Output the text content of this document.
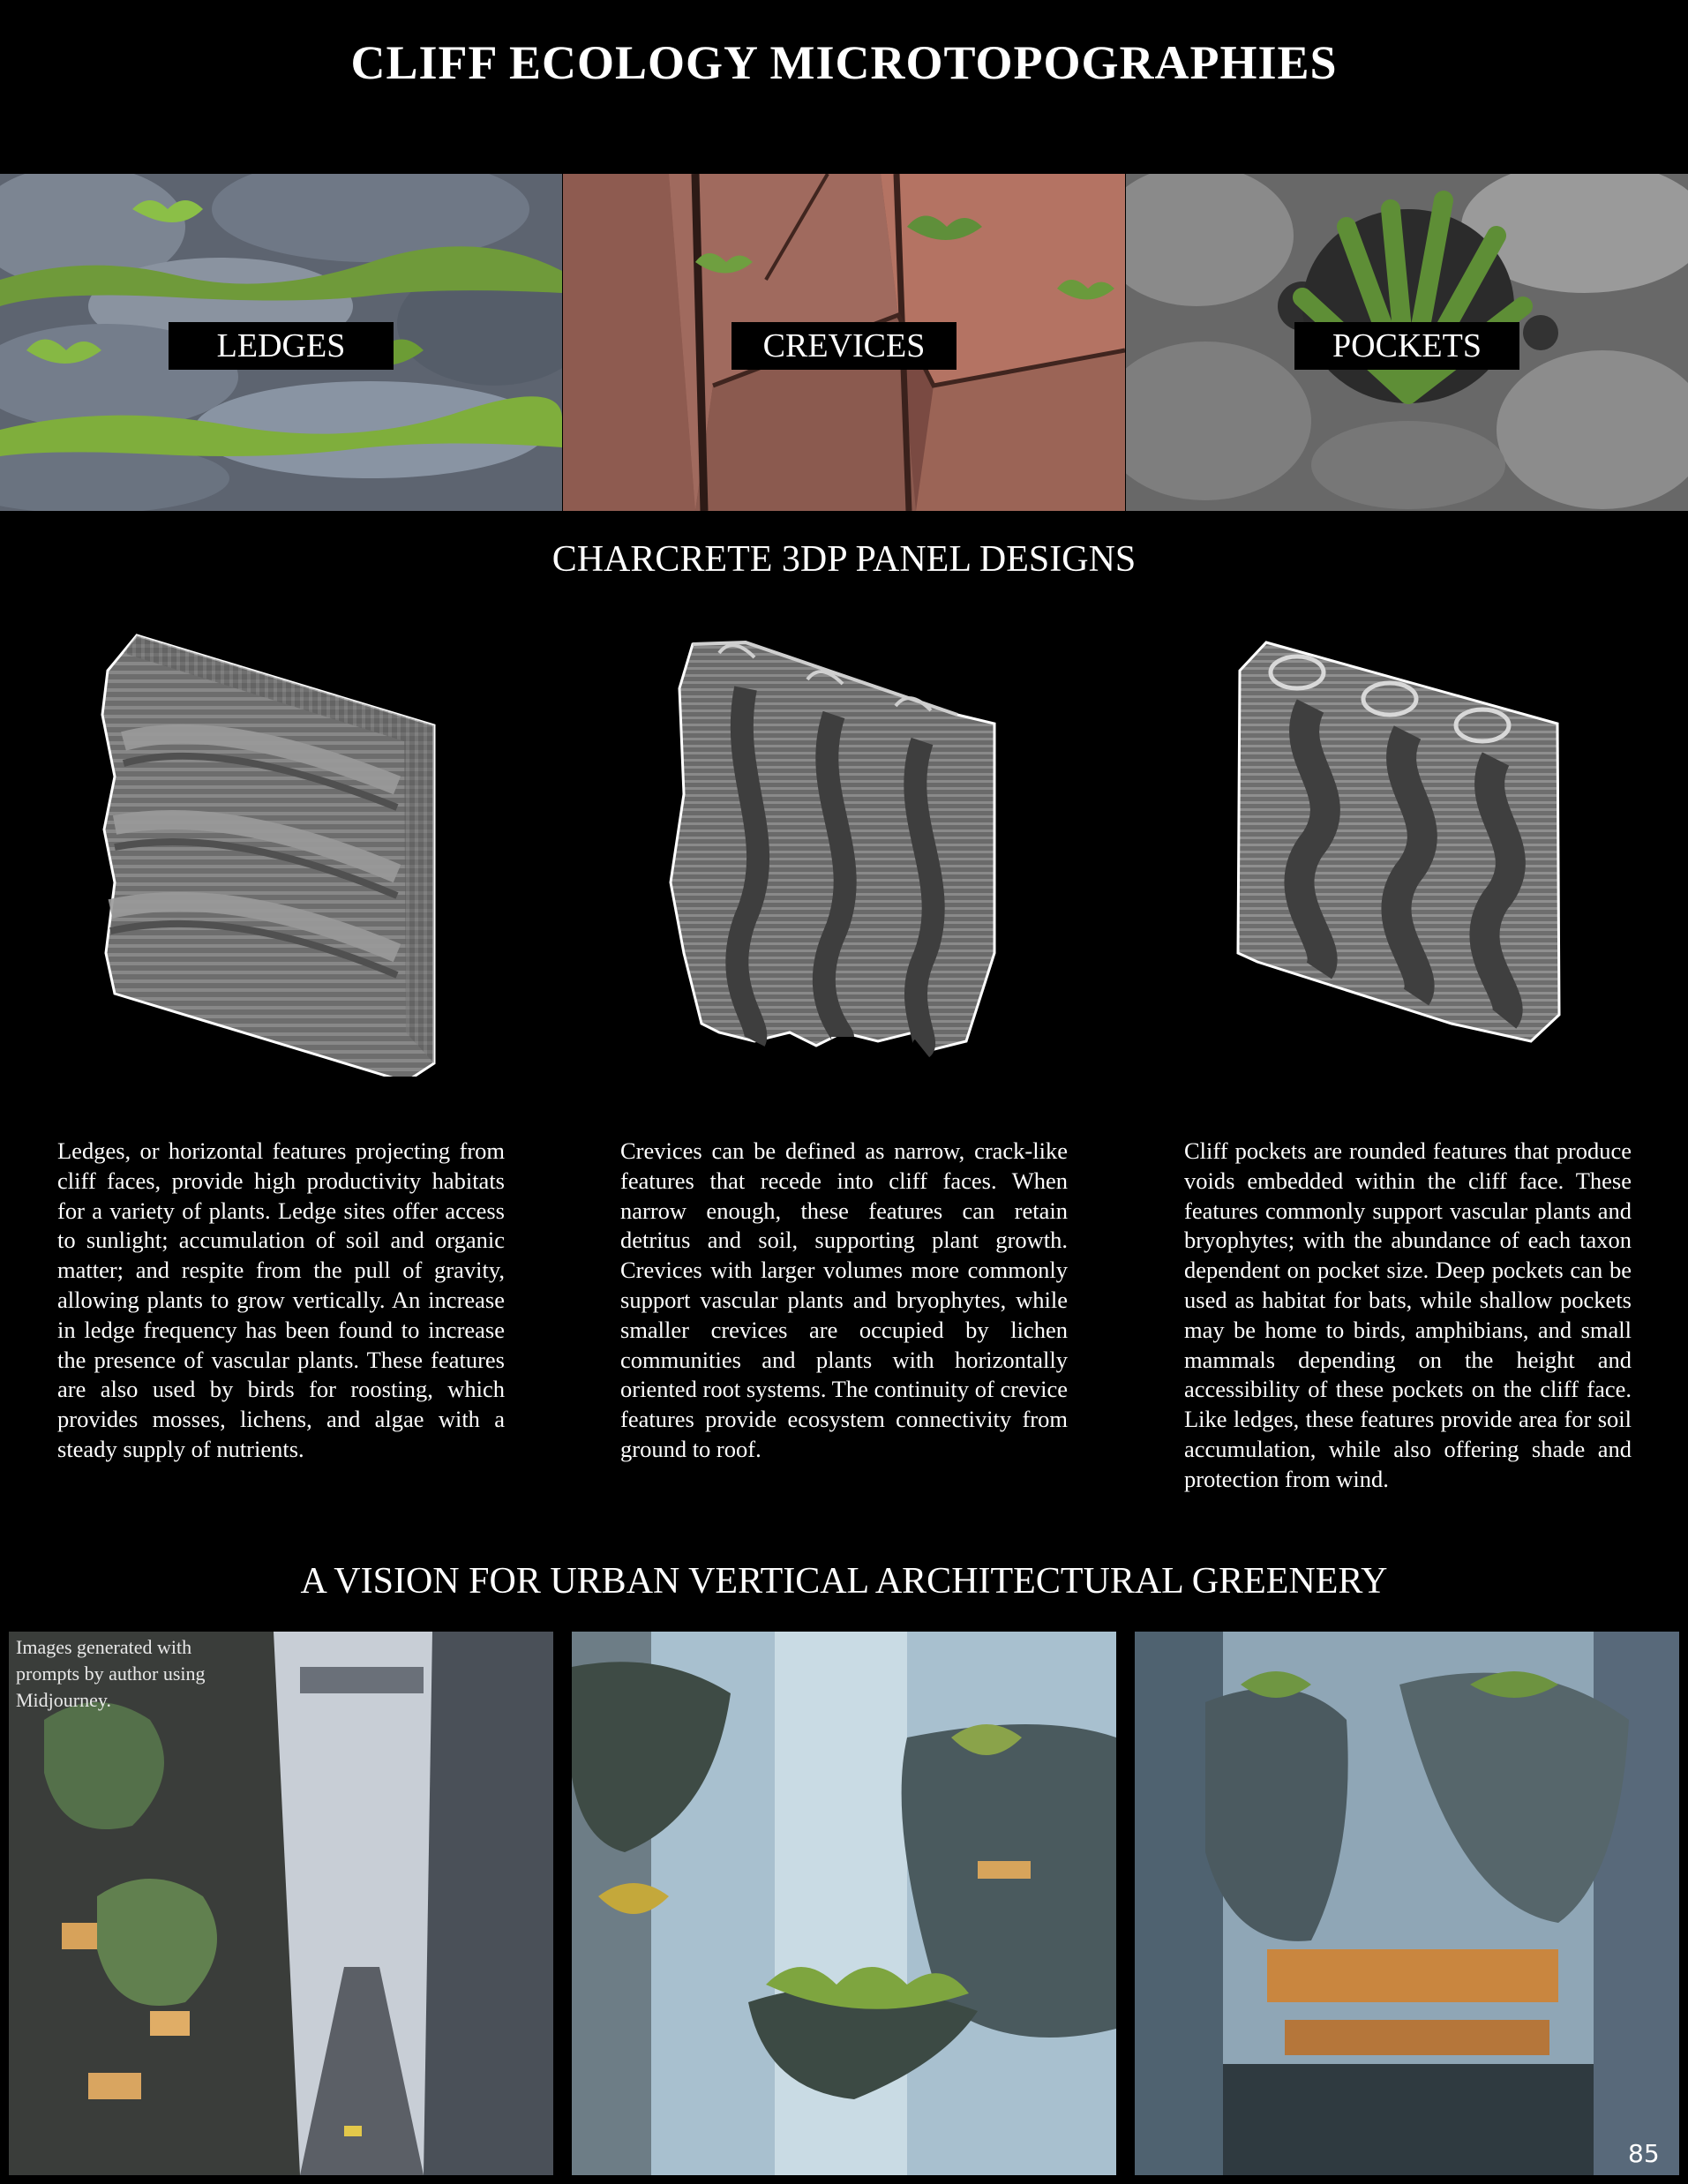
CLIFF ECOLOGY MICROTOPOGRAPHIES
LEDGES	CREVICES	POCKETS
CHARCRETE 3DP PANEL DESIGNS
Ledges, or horizontal features projecting from cliff faces, provide high productivity habitats for a variety of plants. Ledge sites offer access to sunlight; accumulation of soil and organic matter; and respite from the pull of gravity, allowing plants to grow vertically. An increase in ledge frequency has been found to increase the presence of vascular plants. These features are also used by birds for roosting, which provides mosses, lichens, and algae with a steady supply of nutrients.
Crevices can be defined as narrow, crack-like features that recede into cliff faces. When narrow enough, these features can retain detritus and soil, supporting plant growth. Crevices with larger volumes more commonly support vascular plants and bryophytes, while smaller crevices are occupied by lichen communities and plants with horizontally oriented root systems. The continuity of crevice features provide ecosystem connectivity from ground to roof.
Cliff pockets are rounded features that produce voids embedded within the cliff face. These features commonly support vascular plants and bryophytes; with the abundance of each taxon dependent on pocket size. Deep pockets can be used as habitat for bats, while shallow pockets may be home to birds, amphibians, and small mammals depending on the height and accessibility of these pockets on the cliff face. Like ledges, these features provide area for soil accumulation, while also offering shade and protection from wind.
A VISION FOR URBAN VERTICAL ARCHITECTURAL GREENERY
Images generated with prompts by author using Midjourney.
85
